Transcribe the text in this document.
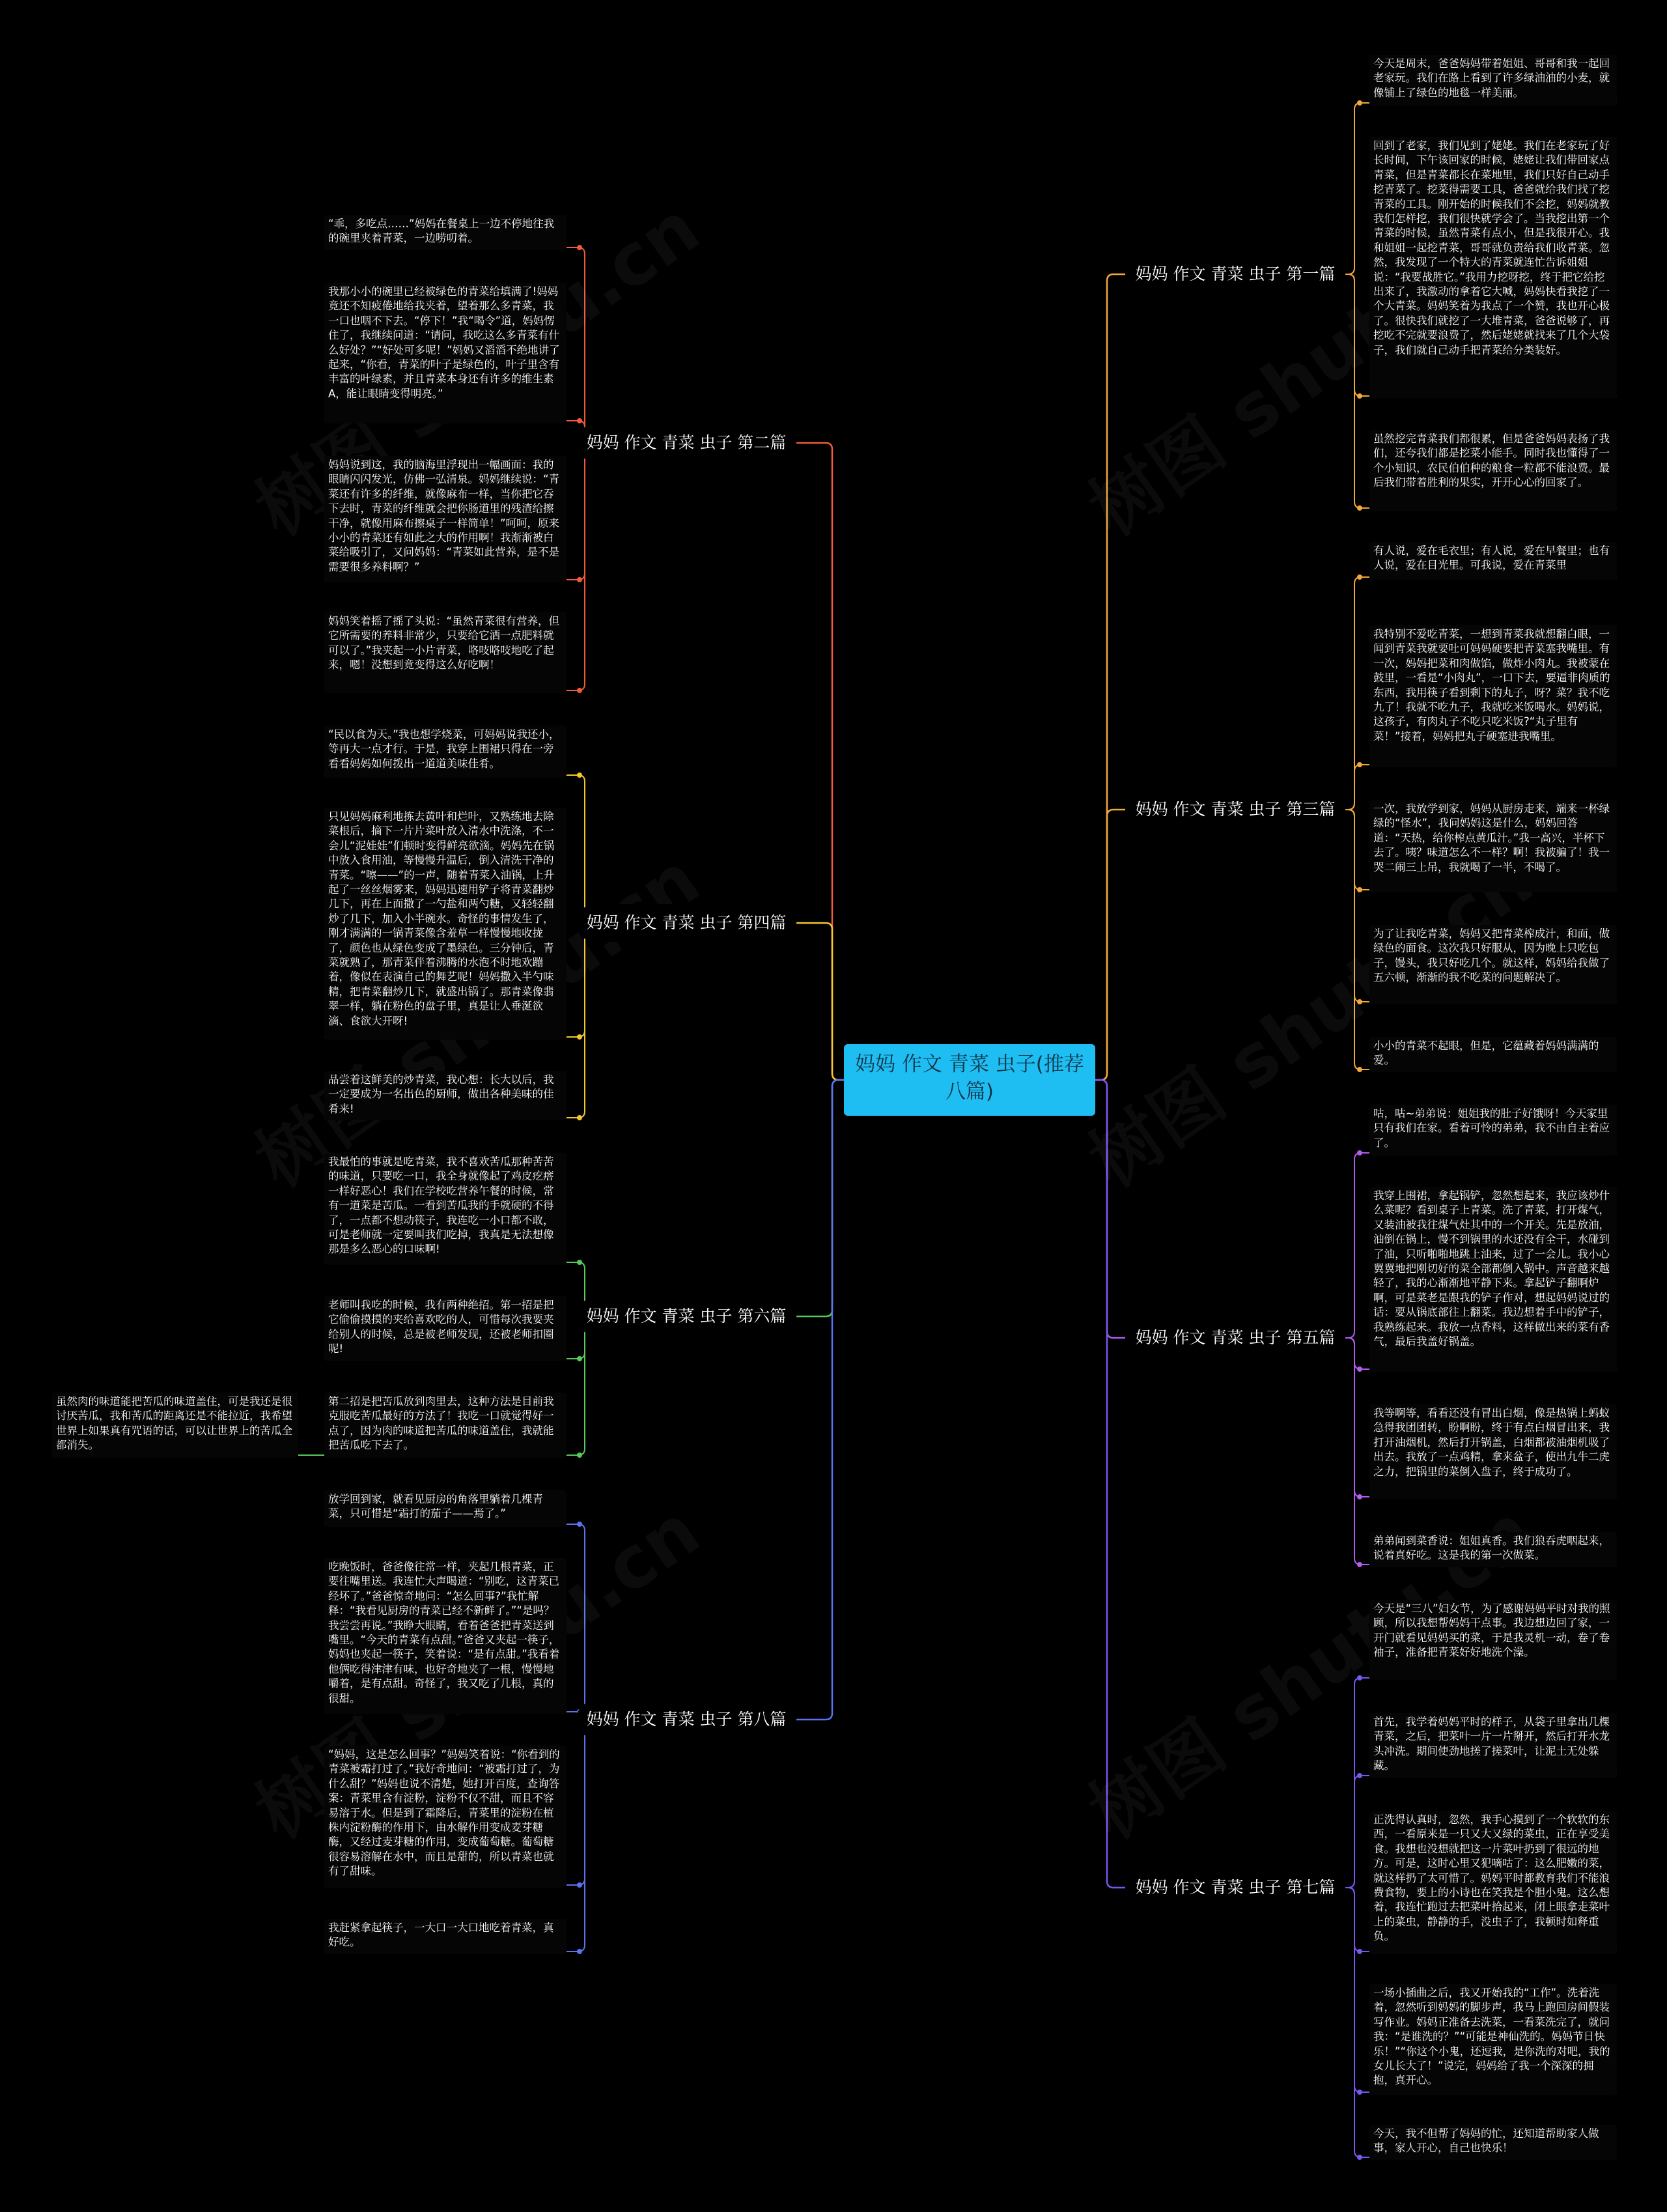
妈妈 作文 青菜 虫子(推荐八篇)
妈妈 作文 青菜 虫子 第一篇
今天是周末，爸爸妈妈带着姐姐、哥哥和我一起回老家玩。我们在路上看到了许多绿油油的小麦，就像铺上了绿色的地毯一样美丽。
回到了老家，我们见到了姥姥。我们在老家玩了好长时间，下午该回家的时候，姥姥让我们带回家点青菜，但是青菜都长在菜地里，我们只好自己动手挖青菜了。挖菜得需要工具，爸爸就给我们找了挖青菜的工具。刚开始的时候我们不会挖，妈妈就教我们怎样挖，我们很快就学会了。当我挖出第一个青菜的时候，虽然青菜有点小，但是我很开心。我和姐姐一起挖青菜，哥哥就负责给我们收青菜。忽然，我发现了一个特大的青菜就连忙告诉姐姐说：“我要战胜它。”我用力挖呀挖，终于把它给挖出来了，我激动的拿着它大喊，妈妈快看我挖了一个大青菜。妈妈笑着为我点了一个赞，我也开心极了。很快我们就挖了一大堆青菜，爸爸说够了，再挖吃不完就要浪费了，然后姥姥就找来了几个大袋子，我们就自己动手把青菜给分类装好。
虽然挖完青菜我们都很累，但是爸爸妈妈表扬了我们，还夸我们都是挖菜小能手。同时我也懂得了一个小知识，农民伯伯种的粮食一粒都不能浪费。最后我们带着胜利的果实，开开心心的回家了。
妈妈 作文 青菜 虫子 第三篇
有人说，爱在毛衣里；有人说，爱在早餐里；也有人说，爱在目光里。可我说，爱在青菜里
我特别不爱吃青菜，一想到青菜我就想翻白眼，一闻到青菜我就要吐可妈妈硬要把青菜塞我嘴里。有一次，妈妈把菜和肉做馅，做炸小肉丸。我被蒙在鼓里，一看是“小肉丸”，一口下去，要逼非肉质的东西，我用筷子看到剩下的丸子，呀？菜？我不吃九了！我就不吃九子，我就吃米饭喝水。妈妈说，这孩子，有肉丸子不吃只吃米饭?“丸子里有菜！”接着，妈妈把丸子硬塞进我嘴里。
一次，我放学到家，妈妈从厨房走来，端来一杯绿绿的“怪水”，我问妈妈这是什么，妈妈回答道：“天热，给你榨点黄瓜汁。”我一高兴，半杯下去了。咦？味道怎么不一样？啊！我被骗了！我一哭二闹三上吊，我就喝了一半，不喝了。
为了让我吃青菜，妈妈又把青菜榨成汁，和面，做绿色的面食。这次我只好服从，因为晚上只吃包子，馒头，我只好吃几个。就这样，妈妈给我做了五六顿，渐渐的我不吃菜的问题解决了。
小小的青菜不起眼，但是，它蕴藏着妈妈满满的爱。
妈妈 作文 青菜 虫子 第五篇
咕，咕~弟弟说：姐姐我的肚子好饿呀！今天家里只有我们在家。看着可怜的弟弟，我不由自主着应了。
我穿上围裙，拿起锅铲，忽然想起来，我应该炒什么菜呢？看到桌子上青菜。洗了青菜，打开煤气，又装油被我往煤气灶其中的一个开关。先是放油，油倒在锅上，慢不到锅里的水还没有全干，水碰到了油，只听啪啪地跳上油来，过了一会儿。我小心翼翼地把刚切好的菜全部都倒入锅中。声音越来越轻了，我的心渐渐地平静下来。拿起铲子翻啊炉啊，可是菜老是跟我的铲子作对，想起妈妈说过的话：要从锅底部往上翻菜。我边想着手中的铲子，我熟练起来。我放一点香料，这样做出来的菜有香气，最后我盖好锅盖。
我等啊等，看看还没有冒出白烟，像是热锅上蚂蚁急得我团团转，盼啊盼，终于有点白烟冒出来，我打开油烟机，然后打开锅盖，白烟都被油烟机吸了出去。我放了一点鸡精，拿来盆子，使出九牛二虎之力，把锅里的菜倒入盘子，终于成功了。
弟弟闻到菜香说：姐姐真香。我们狼吞虎咽起来，说着真好吃。这是我的第一次做菜。
妈妈 作文 青菜 虫子 第七篇
今天是“三八”妇女节，为了感谢妈妈平时对我的照顾，所以我想帮妈妈干点事。我边想边回了家，一开门就看见妈妈买的菜，于是我灵机一动，卷了卷袖子，准备把青菜好好地洗个澡。
首先，我学着妈妈平时的样子，从袋子里拿出几棵青菜，之后，把菜叶一片一片掰开，然后打开水龙头冲洗。期间使劲地搓了搓菜叶，让泥土无处躲藏。
正洗得认真时，忽然，我手心摸到了一个软软的东西，一看原来是一只又大又绿的菜虫，正在享受美食。我想也没想就把这一片菜叶扔到了很远的地方。可是，这时心里又犯嘀咕了：这么肥嫩的菜，就这样扔了太可惜了。妈妈平时都教育我们不能浪费食物，要上的小诗也在笑我是个胆小鬼。这么想着，我连忙跑过去把菜叶拾起来，闭上眼拿走菜叶上的菜虫，静静的手，没虫子了，我顿时如释重负。
一场小插曲之后，我又开始我的“工作”。洗着洗着，忽然听到妈妈的脚步声，我马上跑回房间假装写作业。妈妈正准备去洗菜，一看菜洗完了，就问我：“是谁洗的？”“可能是神仙洗的。妈妈节日快乐！”“你这个小鬼，还逗我，是你洗的对吧，我的女儿长大了！”说完，妈妈给了我一个深深的拥抱，真开心。
今天，我不但帮了妈妈的忙，还知道帮助家人做事，家人开心，自己也快乐！
妈妈 作文 青菜 虫子 第二篇
“乖，多吃点……”妈妈在餐桌上一边不停地往我的碗里夹着青菜，一边唠叨着。
我那小小的碗里已经被绿色的青菜给填满了!妈妈竟还不知疲倦地给我夹着，望着那么多青菜，我一口也咽不下去。“停下！”我“喝令”道，妈妈愣住了，我继续问道：“请问，我吃这么多青菜有什么好处？”“好处可多呢！”妈妈又滔滔不绝地讲了起来，“你看，青菜的叶子是绿色的，叶子里含有丰富的叶绿素，并且青菜本身还有许多的维生素A，能让眼睛变得明亮。”
妈妈说到这，我的脑海里浮现出一幅画面：我的眼睛闪闪发光，仿佛一弘清泉。妈妈继续说：“青菜还有许多的纤维，就像麻布一样，当你把它吞下去时，青菜的纤维就会把你肠道里的残渣给擦干净，就像用麻布擦桌子一样简单！”呵呵，原来小小的青菜还有如此之大的作用啊！我渐渐被白菜给吸引了，又问妈妈：“青菜如此营养，是不是需要很多养料啊？”
妈妈笑着摇了摇了头说：“虽然青菜很有营养，但它所需要的养料非常少，只要给它洒一点肥料就可以了。”我夹起一小片青菜，咯吱咯吱地吃了起来，嗯！没想到竟变得这么好吃啊！
妈妈 作文 青菜 虫子 第四篇
“民以食为天。”我也想学烧菜，可妈妈说我还小，等再大一点才行。于是，我穿上围裙只得在一旁看看妈妈如何拨出一道道美味佳肴。
只见妈妈麻利地拣去黄叶和烂叶，又熟练地去除菜根后，摘下一片片菜叶放入清水中洗涤，不一会儿“泥娃娃”们顿时变得鲜亮欲滴。妈妈先在锅中放入食用油，等慢慢升温后，倒入清洗干净的青菜。“嚓——”的一声，随着青菜入油锅，上升起了一丝丝烟雾来，妈妈迅速用铲子将青菜翻炒几下，再在上面撒了一勺盐和两勺糖，又轻轻翻炒了几下，加入小半碗水。奇怪的事情发生了，刚才满满的一锅青菜像含羞草一样慢慢地收拢了，颜色也从绿色变成了墨绿色。三分钟后，青菜就熟了，那青菜伴着沸腾的水泡不时地欢蹦着，像似在表演自己的舞艺呢！妈妈撒入半勺味精，把青菜翻炒几下，就盛出锅了。那青菜像翡翠一样，躺在粉色的盘子里，真是让人垂涎欲滴、食欲大开呀!
品尝着这鲜美的炒青菜，我心想：长大以后，我一定要成为一名出色的厨师，做出各种美味的佳肴来!
妈妈 作文 青菜 虫子 第六篇
我最怕的事就是吃青菜，我不喜欢苦瓜那种苦苦的味道，只要吃一口，我全身就像起了鸡皮疙瘩一样好恶心！我们在学校吃营养午餐的时候，常有一道菜是苦瓜。一看到苦瓜我的手就硬的不得了，一点都不想动筷子，我连吃一小口都不敢，可是老师就一定要叫我们吃掉，我真是无法想像那是多么恶心的口味啊!
老师叫我吃的时候，我有两种绝招。第一招是把它偷偷摸摸的夹给喜欢吃的人，可惜每次我要夹给别人的时候，总是被老师发现，还被老师扣圈呢!
第二招是把苦瓜放到肉里去，这种方法是目前我克服吃苦瓜最好的方法了！我吃一口就觉得好一点了，因为肉的味道把苦瓜的味道盖住，我就能把苦瓜吃下去了。
虽然肉的味道能把苦瓜的味道盖住，可是我还是很讨厌苦瓜，我和苦瓜的距离还是不能拉近，我希望世界上如果真有咒语的话，可以让世界上的苦瓜全都消失。
妈妈 作文 青菜 虫子 第八篇
放学回到家，就看见厨房的角落里躺着几棵青菜，只可惜是“霜打的茄子——焉了。”
吃晚饭时，爸爸像往常一样，夹起几根青菜，正要往嘴里送。我连忙大声喝道：“别吃，这青菜已经坏了。”爸爸惊奇地问：“怎么回事?”我忙解释：“我看见厨房的青菜已经不新鲜了。”“是吗？我尝尝再说。”我睁大眼睛，看着爸爸把青菜送到嘴里。“今天的青菜有点甜。”爸爸又夹起一筷子，妈妈也夹起一筷子，笑着说：“是有点甜。”我看着他俩吃得津津有味，也好奇地夹了一根，慢慢地嚼着，是有点甜。奇怪了，我又吃了几根，真的很甜。
“妈妈，这是怎么回事？”妈妈笑着说：“你看到的青菜被霜打过了。”我好奇地问：“被霜打过了，为什么甜？”妈妈也说不清楚，她打开百度，查询答案：青菜里含有淀粉，淀粉不仅不甜，而且不容易溶于水。但是到了霜降后，青菜里的淀粉在植株内淀粉酶的作用下，由水解作用变成麦芽糖酶，又经过麦芽糖的作用，变成葡萄糖。葡萄糖很容易溶解在水中，而且是甜的，所以青菜也就有了甜味。
我赶紧拿起筷子，一大口一大口地吃着青菜，真好吃。
